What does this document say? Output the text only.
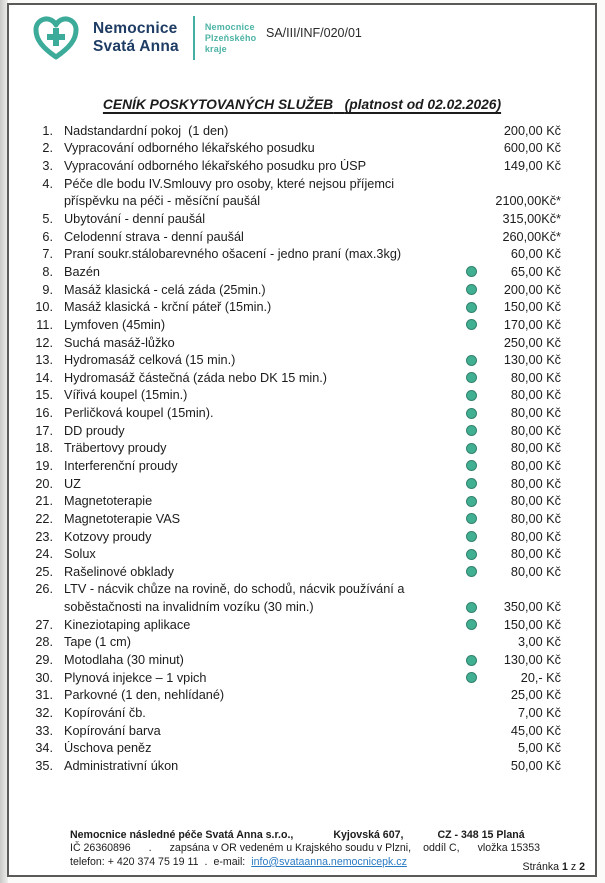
Nemocnice
Svatá Anna
Nemocnice
Plzeňského
kraje
SA/III/INF/020/01
CENÍK POSKYTOVANÝCH SLUŽEB (platnost od 02.02.2026)
1. Nadstandardní pokoj  (1 den)	200,00 Kč
2. Vypracování odborného lékařského posudku	600,00 Kč
3. Vypracování odborného lékařského posudku pro ÚSP	149,00 Kč
4. Péče dle bodu IV.Smlouvy pro osoby, které nejsou příjemci
příspěvku na péči - měsíční paušál	2100,00Kč*
5. Ubytování - denní paušál	315,00Kč*
6. Celodenní strava - denní paušál	260,00Kč*
7. Praní soukr.stálobarevného ošacení - jedno praní (max.3kg)	60,00 Kč
8. Bazén	65,00 Kč
9. Masáž klasická - celá záda (25min.)	200,00 Kč
10. Masáž klasická - krční páteř (15min.)	150,00 Kč
11. Lymfoven (45min)	170,00 Kč
12. Suchá masáž-lůžko	250,00 Kč
13. Hydromasáž celková (15 min.)	130,00 Kč
14. Hydromasáž částečná (záda nebo DK 15 min.)	80,00 Kč
15. Vířivá koupel (15min.)	80,00 Kč
16. Perličková koupel (15min).	80,00 Kč
17. DD proudy	80,00 Kč
18. Träbertovy proudy	80,00 Kč
19. Interferenční proudy	80,00 Kč
20. UZ	80,00 Kč
21. Magnetoterapie	80,00 Kč
22. Magnetoterapie VAS	80,00 Kč
23. Kotzovy proudy	80,00 Kč
24. Solux	80,00 Kč
25. Rašelinové obklady	80,00 Kč
26. LTV - nácvik chůze na rovině, do schodů, nácvik používání a
soběstačnosti na invalidním vozíku (30 min.)	350,00 Kč
27. Kineziotaping aplikace	150,00 Kč
28. Tape (1 cm)	3,00 Kč
29. Motodlaha (30 minut)	130,00 Kč
30. Plynová injekce – 1 vpich	20,- Kč
31. Parkovné (1 den, nehlídané)	25,00 Kč
32. Kopírování čb.	7,00 Kč
33. Kopírování barva	45,00 Kč
34. Úschova peněz	5,00 Kč
35. Administrativní úkon	50,00 Kč
Nemocnice následné péče Svatá Anna s.r.o.,	Kyjovská 607,	CZ - 348 15 Planá
IČ 26360896 . zapsána v OR vedeném u Krajského soudu v Plzni, oddíl C, vložka 15353
telefon: + 420 374 75 19 11 . e-mail: info@svataanna.nemocnicepk.cz	Stránka 1 z 2
